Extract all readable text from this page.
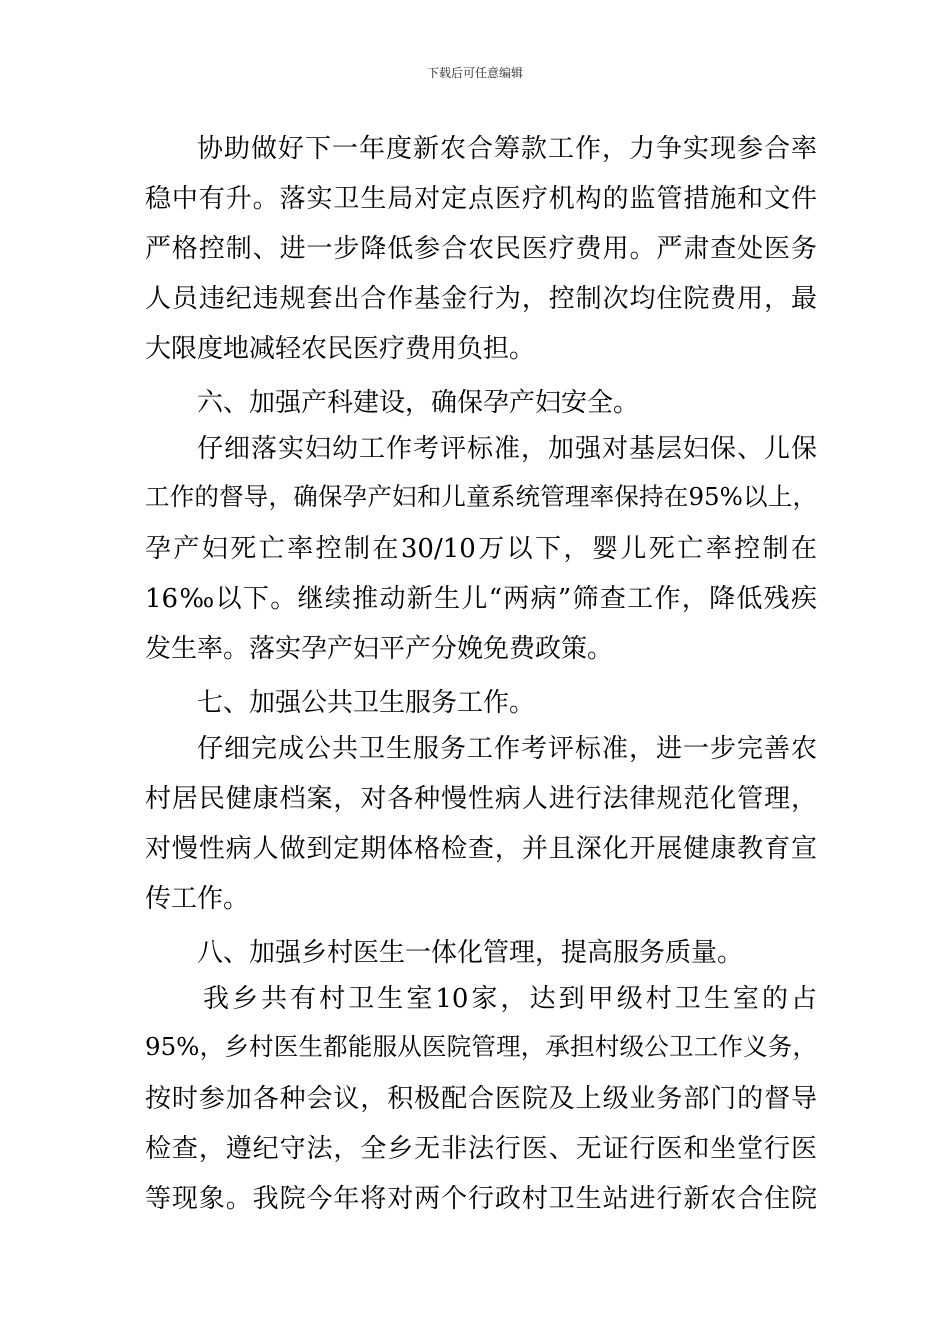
下载后可任意编辑
协助做好下一年度新农合筹款工作，力争实现参合率
稳中有升。落实卫生局对定点医疗机构的监管措施和文件
严格控制、进一步降低参合农民医疗费用。严肃查处医务
人员违纪违规套出合作基金行为，控制次均住院费用，最
大限度地减轻农民医疗费用负担。
六、加强产科建设，确保孕产妇安全。
仔细落实妇幼工作考评标准，加强对基层妇保、儿保
工作的督导，确保孕产妇和儿童系统管理率保持在95%以上，
孕产妇死亡率控制在30/10万以下，婴儿死亡率控制在
16‰以下。继续推动新生儿“两病”筛查工作，降低残疾
发生率。落实孕产妇平产分娩免费政策。
七、加强公共卫生服务工作。
仔细完成公共卫生服务工作考评标准，进一步完善农
村居民健康档案，对各种慢性病人进行法律规范化管理，
对慢性病人做到定期体格检查，并且深化开展健康教育宣
传工作。
八、加强乡村医生一体化管理，提高服务质量。
我乡共有村卫生室10家，达到甲级村卫生室的占
95%，乡村医生都能服从医院管理，承担村级公卫工作义务，
按时参加各种会议，积极配合医院及上级业务部门的督导
检查，遵纪守法，全乡无非法行医、无证行医和坐堂行医
等现象。我院今年将对两个行政村卫生站进行新农合住院
